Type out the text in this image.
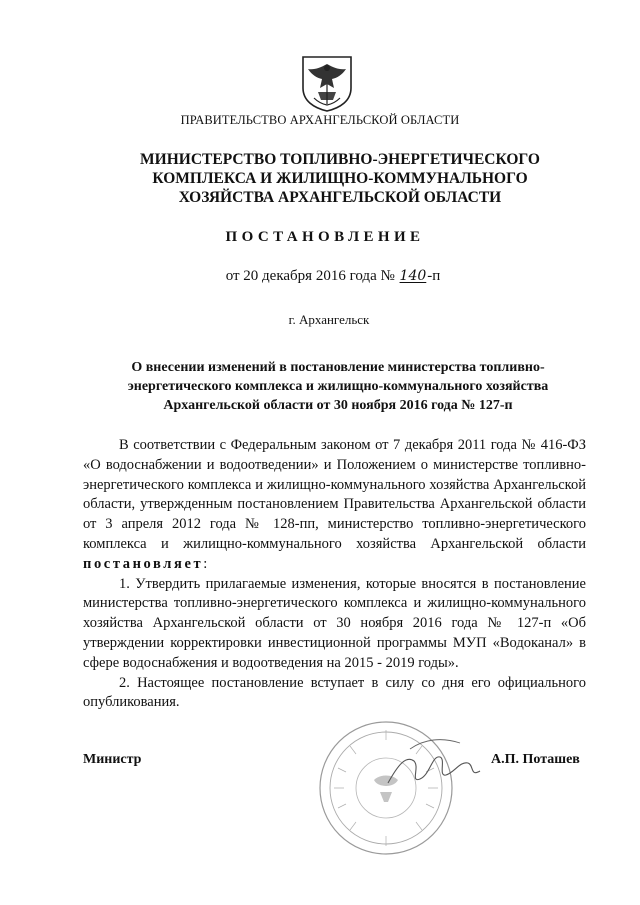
ПРАВИТЕЛЬСТВО АРХАНГЕЛЬСКОЙ ОБЛАСТИ
МИНИСТЕРСТВО ТОПЛИВНО-ЭНЕРГЕТИЧЕСКОГО
КОМПЛЕКСА И ЖИЛИЩНО-КОММУНАЛЬНОГО
ХОЗЯЙСТВА АРХАНГЕЛЬСКОЙ ОБЛАСТИ
ПОСТАНОВЛЕНИЕ
от 20 декабря 2016 года № 140-п
г. Архангельск
О внесении изменений в постановление министерства топливно-
энергетического комплекса и жилищно-коммунального хозяйства
Архангельской области от 30 ноября 2016 года № 127-п

В соответствии с Федеральным законом от 7 декабря 2011 года № 416-ФЗ «О водоснабжении и водоотведении» и Положением о министерстве топливно-энергетического комплекса и жилищно-коммунального хозяйства Архангельской области, утвержденным постановлением Правительства Архангельской области от 3 апреля 2012 года № 128-пп, министерство топливно-энергетического комплекса и жилищно-коммунального хозяйства Архангельской области постановляет:

1. Утвердить прилагаемые изменения, которые вносятся в постановление министерства топливно-энергетического комплекса и жилищно-коммунального хозяйства Архангельской области от 30 ноября 2016 года № 127-п «Об утверждении корректировки инвестиционной программы МУП «Водоканал» в сфере водоснабжения и водоотведения на 2015 - 2019 годы».

2. Настоящее постановление вступает в силу со дня его официального опубликования.

Министр	А.П. Поташев
